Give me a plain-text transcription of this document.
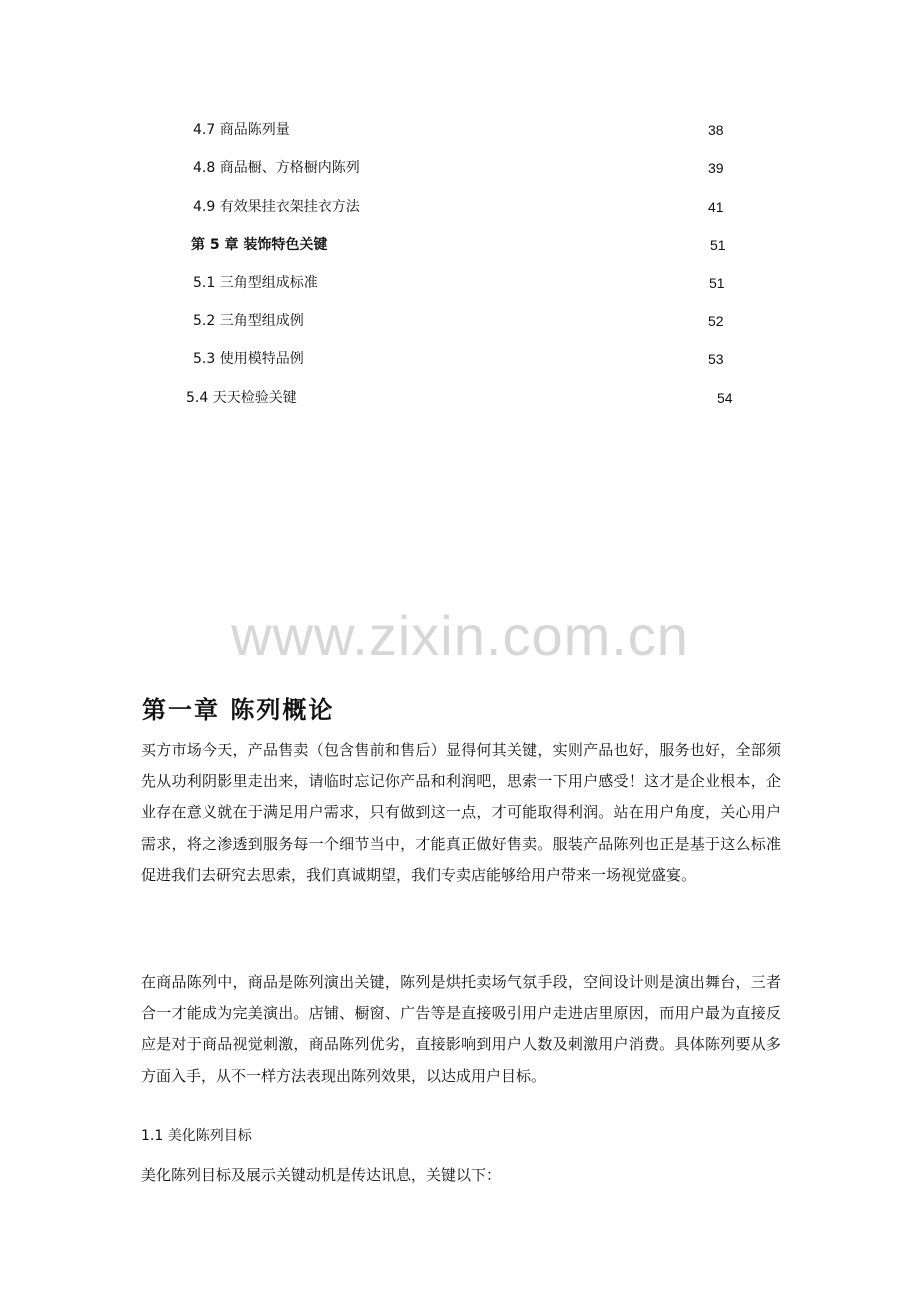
4.7 商品陈列量	38
4.8 商品橱、方格橱内陈列	39
4.9 有效果挂衣架挂衣方法	41
第 5 章 装饰特色关键	51
5.1 三角型组成标准	51
5.2 三角型组成例	52
5.3 使用模特品例	53
5.4 天天检验关键	54
www.zixin.com.cn
第一章 陈列概论

买方市场今天，产品售卖（包含售前和售后）显得何其关键，实则产品也好，服务也好，全部须先从功利阴影里走出来，请临时忘记你产品和利润吧，思索一下用户感受！这才是企业根本，企业存在意义就在于满足用户需求，只有做到这一点，才可能取得利润。站在用户角度，关心用户需求，将之渗透到服务每一个细节当中，才能真正做好售卖。服装产品陈列也正是基于这么标准促进我们去研究去思索，我们真诚期望，我们专卖店能够给用户带来一场视觉盛宴。

在商品陈列中，商品是陈列演出关键，陈列是烘托卖场气氛手段，空间设计则是演出舞台，三者合一才能成为完美演出。店铺、橱窗、广告等是直接吸引用户走进店里原因，而用户最为直接反应是对于商品视觉刺激，商品陈列优劣，直接影响到用户人数及刺激用户消费。具体陈列要从多方面入手，从不一样方法表现出陈列效果，以达成用户目标。

1.1 美化陈列目标

美化陈列目标及展示关键动机是传达讯息，关键以下：
